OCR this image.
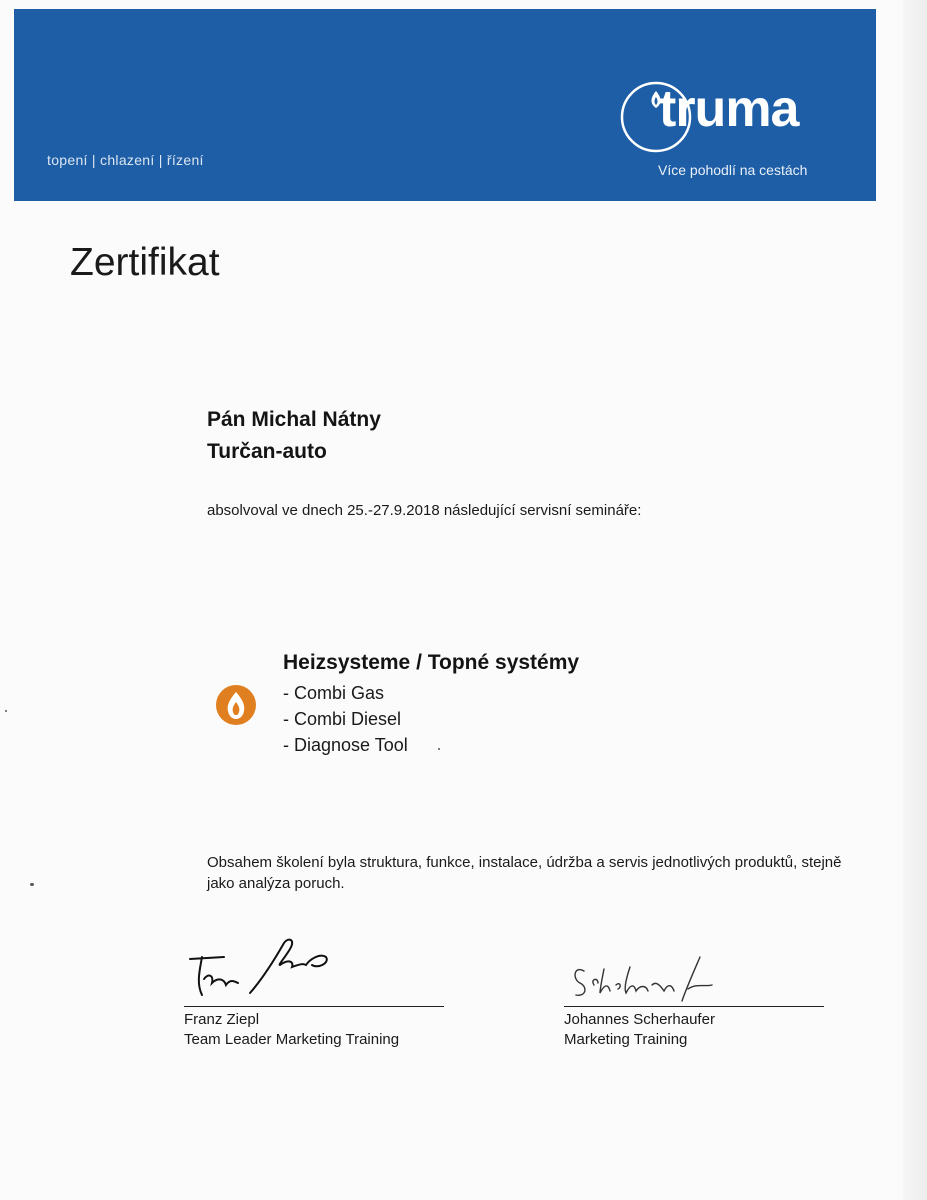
topení | chlazení | řízení
truma
Více pohodlí na cestách
Zertifikat
Pán Michal Nátny
Turčan-auto
absolvoval ve dnech 25.-27.9.2018 následující servisní semináře:
Heizsysteme / Topné systémy
- Combi Gas
- Combi Diesel
- Diagnose Tool
Obsahem školení byla struktura, funkce, instalace, údržba a servis jednotlivých produktů, stejně jako analýza poruch.
Franz Ziepl
Team Leader Marketing Training
Johannes Scherhaufer
Marketing Training
